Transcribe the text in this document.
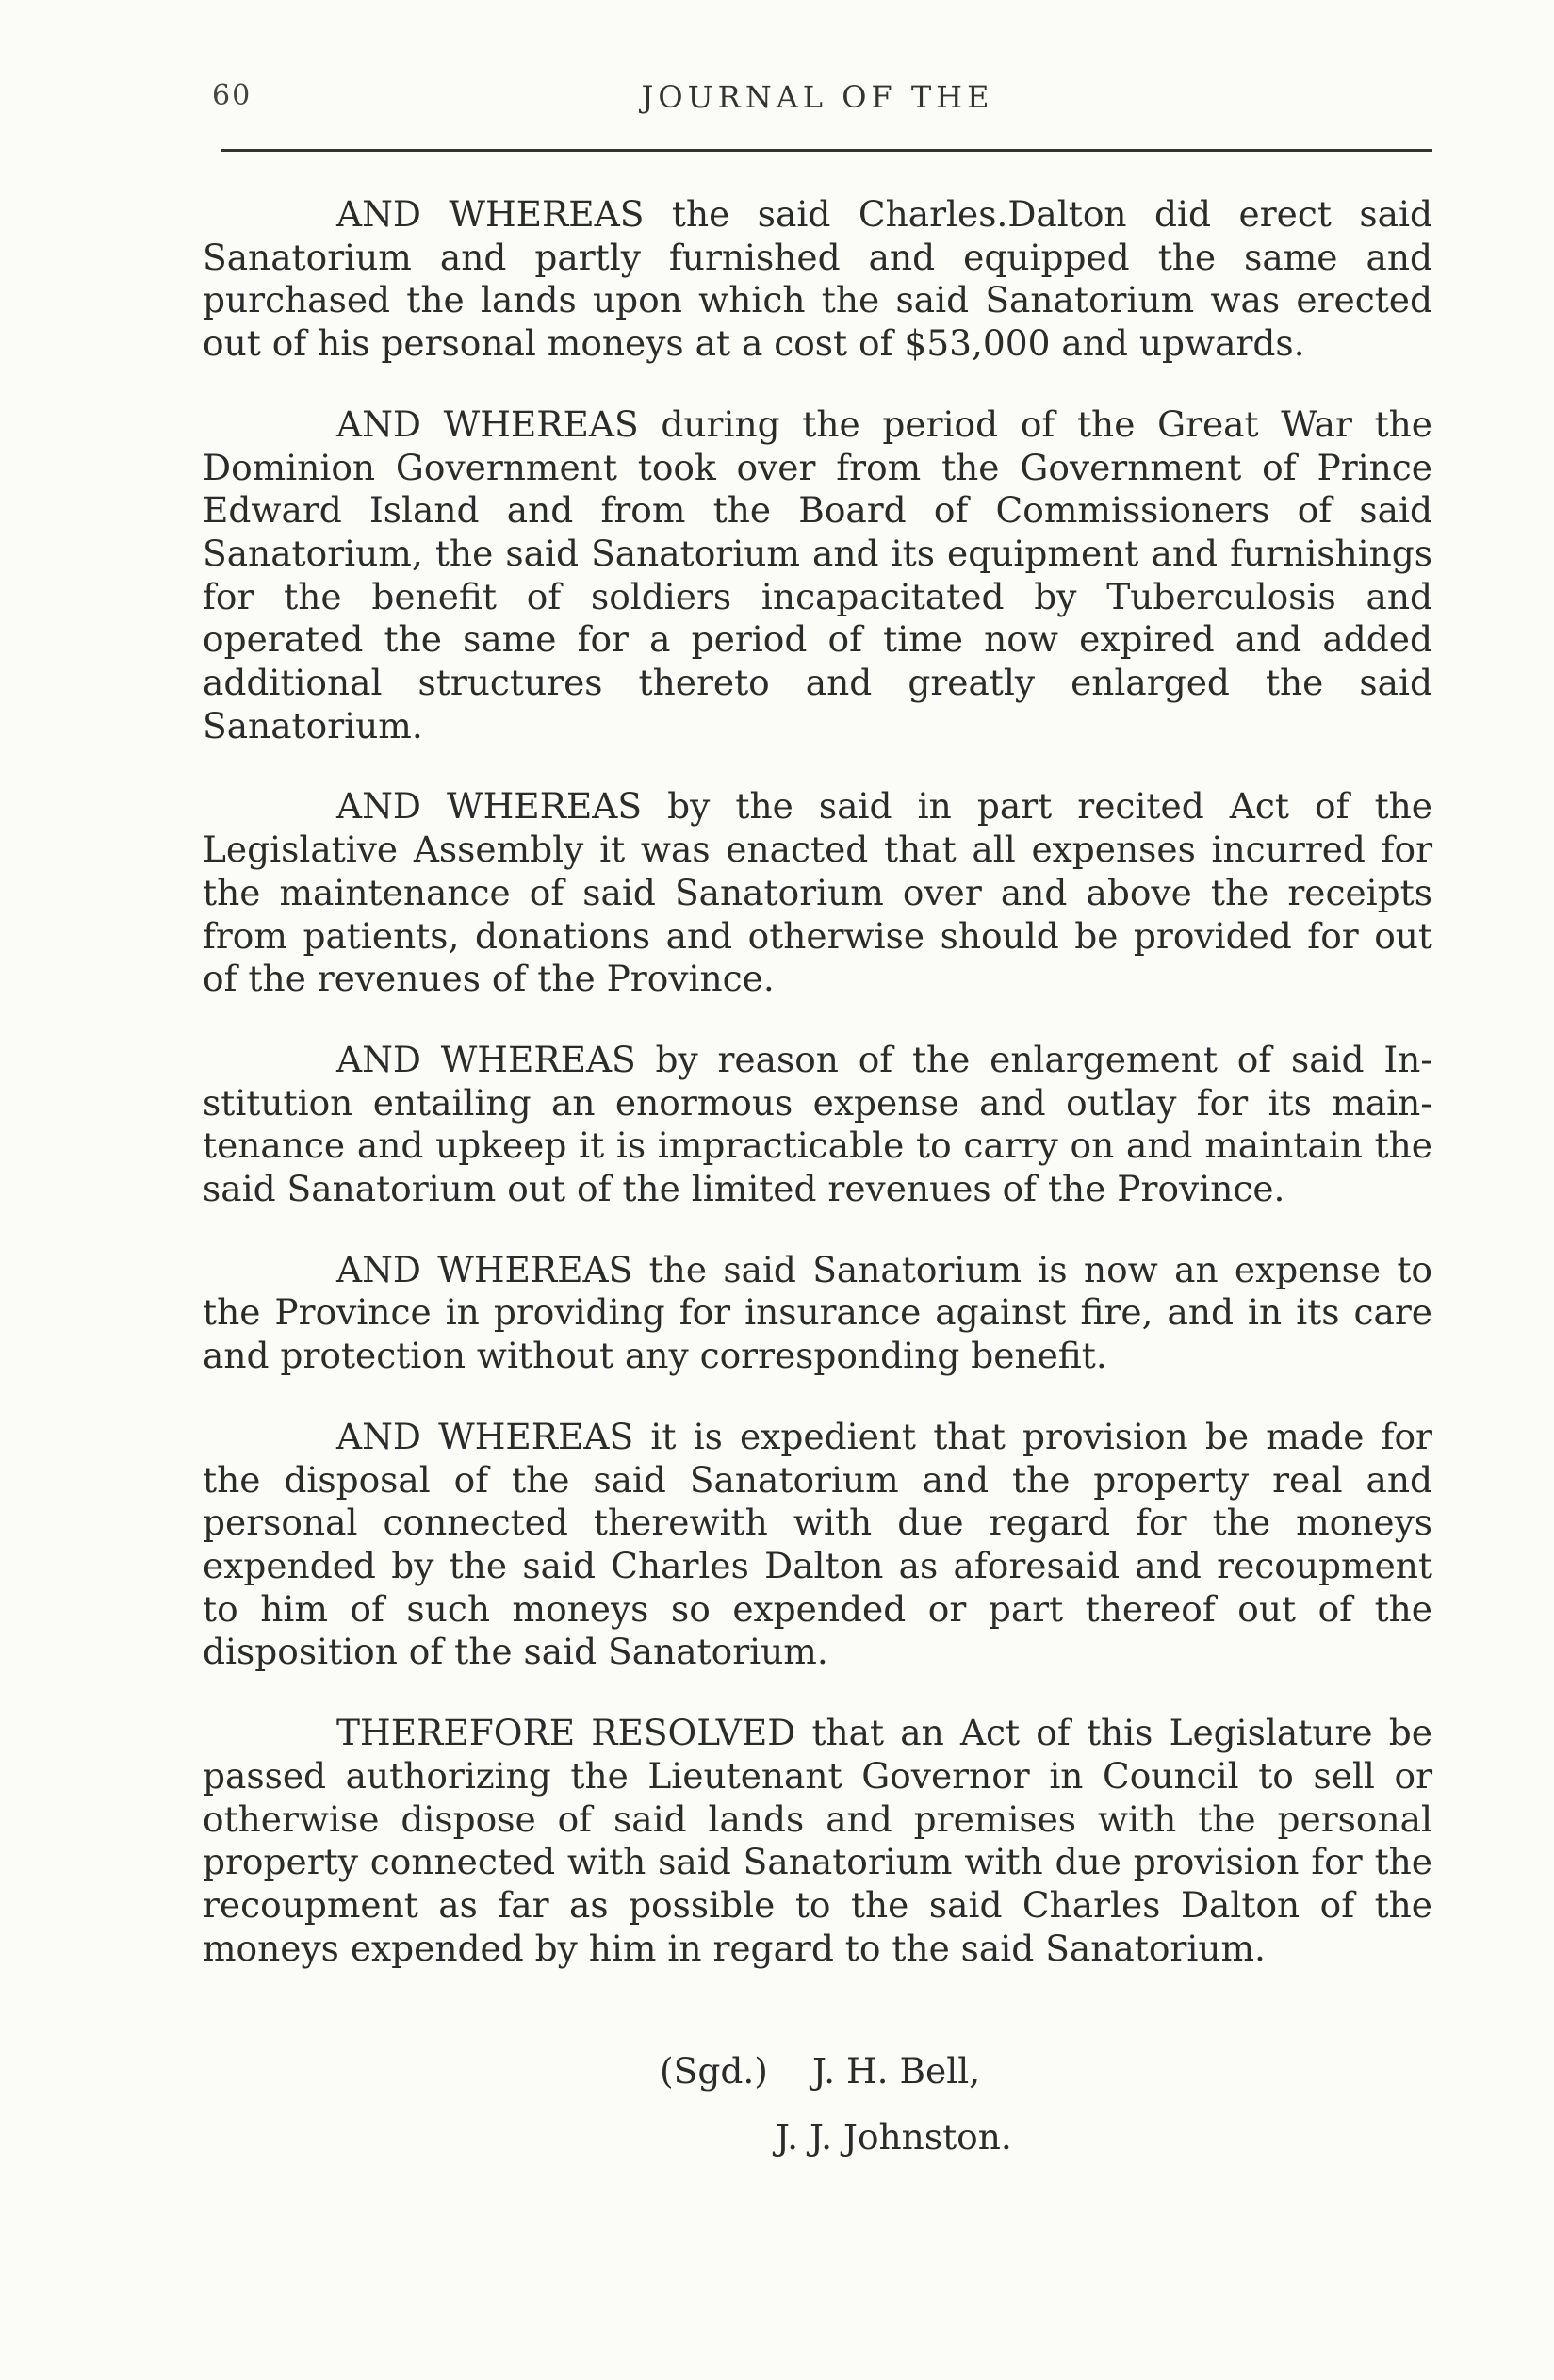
60	JOURNAL OF THE

AND WHEREAS the said Charles.Dalton did erect said Sanatorium and partly furnished and equipped the same and purchased the lands upon which the said Sanatorium was erected out of his personal moneys at a cost of $53,000 and upwards.

AND WHEREAS during the period of the Great War the Dominion Government took over from the Government of Prince Edward Island and from the Board of Commissioners of said Sanatorium, the said Sanatorium and its equipment and furnishings for the benefit of soldiers incapacitated by Tuberculosis and operated the same for a period of time now expired and added additional structures thereto and greatly enlarged the said Sanatorium.

AND WHEREAS by the said in part recited Act of the Legislative Assembly it was enacted that all expenses incurred for the maintenance of said Sanatorium over and above the receipts from patients, donations and otherwise should be provided for out of the revenues of the Province.

AND WHEREAS by reason of the enlargement of said Institution entailing an enormous expense and outlay for its maintenance and upkeep it is impracticable to carry on and maintain the said Sanatorium out of the limited revenues of the Province.

AND WHEREAS the said Sanatorium is now an expense to the Province in providing for insurance against fire, and in its care and protection without any corresponding benefit.

AND WHEREAS it is expedient that provision be made for the disposal of the said Sanatorium and the property real and personal connected therewith with due regard for the moneys expended by the said Charles Dalton as aforesaid and recoupment to him of such moneys so expended or part thereof out of the disposition of the said Sanatorium.

THEREFORE RESOLVED that an Act of this Legislature be passed authorizing the Lieutenant Governor in Council to sell or otherwise dispose of said lands and premises with the personal property connected with said Sanatorium with due provision for the recoupment as far as possible to the said Charles Dalton of the moneys expended by him in regard to the said Sanatorium.

(Sgd.) J. H. Bell,
J. J. Johnston.
